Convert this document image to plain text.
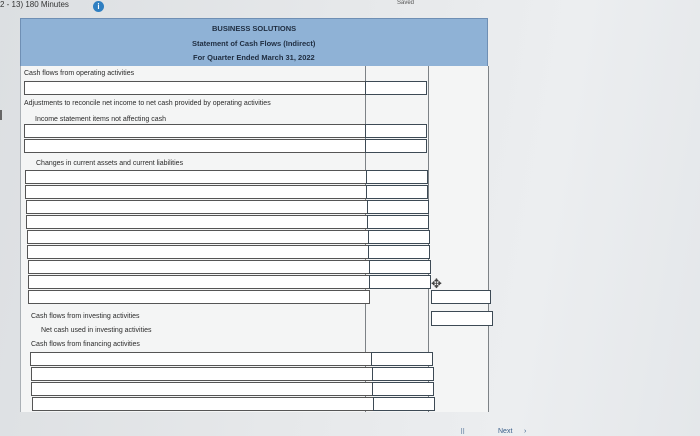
2 - 13) 180 Minutes	i	Saved
BUSINESS SOLUTIONS
Statement of Cash Flows (Indirect)
For Quarter Ended March 31, 2022
Cash flows from operating activities
Adjustments to reconcile net income to net cash provided by operating activities
Income statement items not affecting cash
Changes in current assets and current liabilities
✥
Cash flows from investing activities
Net cash used in investing activities
Cash flows from financing activities
⠿	Next ›
